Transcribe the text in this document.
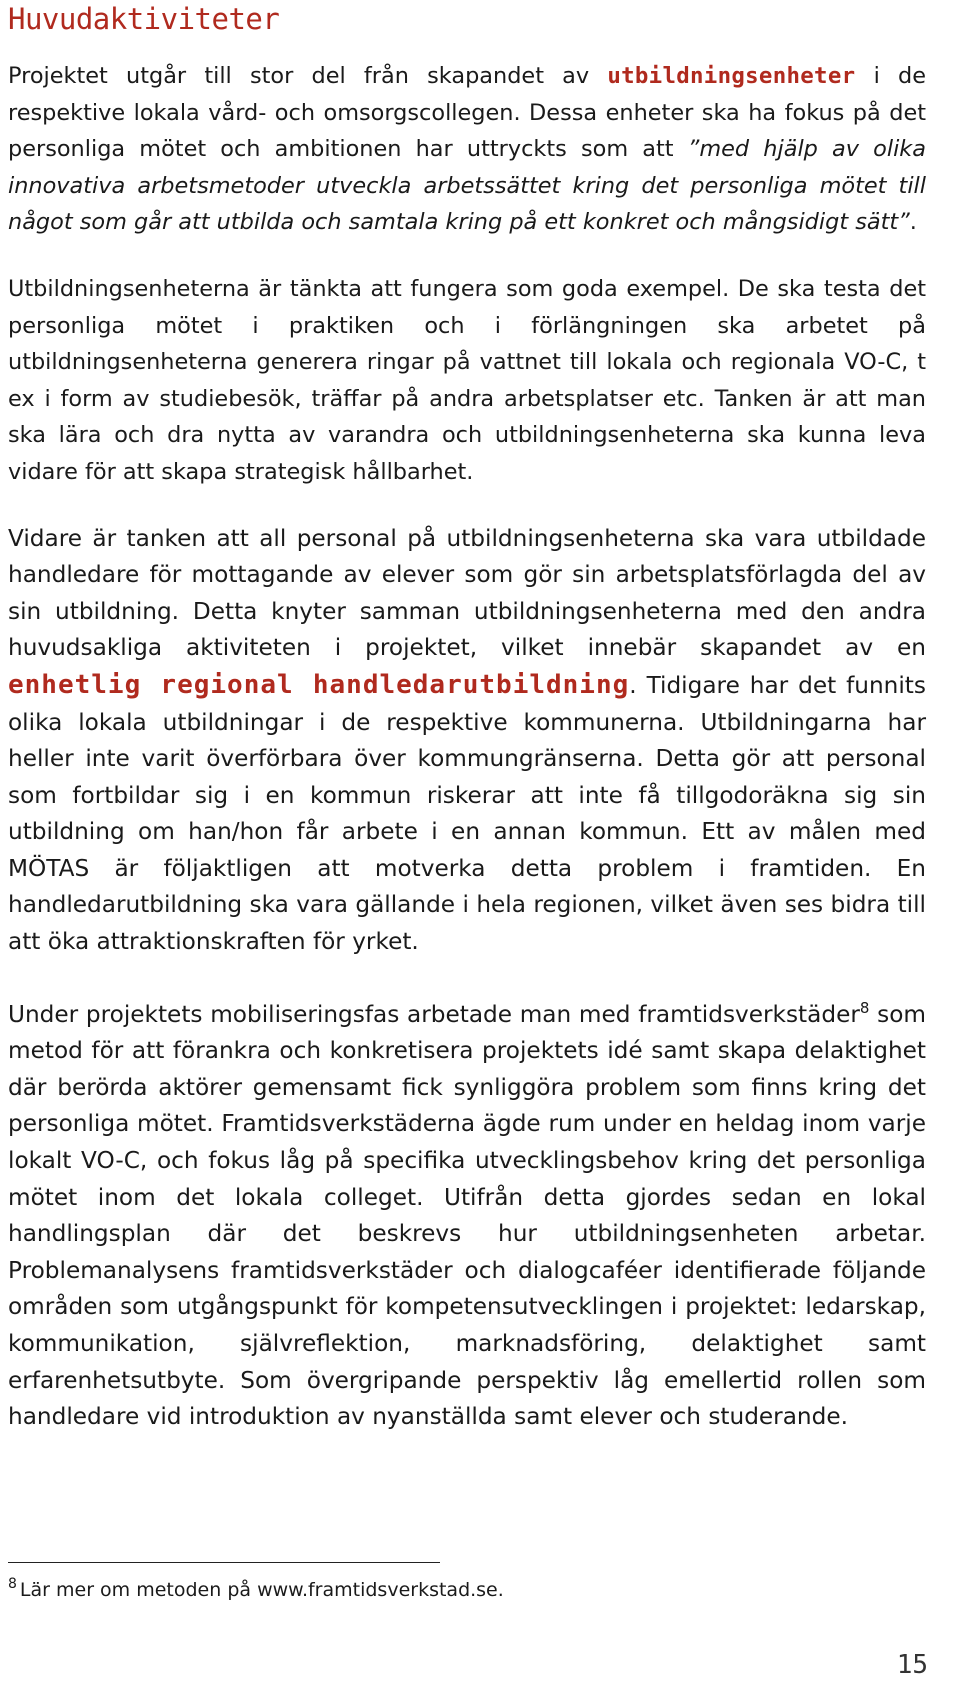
Huvudaktiviteter

Projektet utgår till stor del från skapandet av utbildningsenheter i de respektive lokala vård- och omsorgscollegen. Dessa enheter ska ha fokus på det personliga mötet och ambitionen har uttryckts som att ”med hjälp av olika innovativa arbetsmetoder utveckla arbetssättet kring det personliga mötet till något som går att utbilda och samtala kring på ett konkret och mångsidigt sätt”.

Utbildningsenheterna är tänkta att fungera som goda exempel. De ska testa det personliga mötet i praktiken och i förlängningen ska arbetet på utbildningsenheterna generera ringar på vattnet till lokala och regionala VO-C, t ex i form av studiebesök, träffar på andra arbetsplatser etc. Tanken är att man ska lära och dra nytta av varandra och utbildningsenheterna ska kunna leva vidare för att skapa strategisk hållbarhet.

Vidare är tanken att all personal på utbildningsenheterna ska vara utbildade handledare för mottagande av elever som gör sin arbetsplatsförlagda del av sin utbildning. Detta knyter samman utbildningsenheterna med den andra huvudsakliga aktiviteten i projektet, vilket innebär skapandet av en enhetlig regional handledarutbildning. Tidigare har det funnits olika lokala utbildningar i de respektive kommunerna. Utbildningarna har heller inte varit överförbara över kommungränserna. Detta gör att personal som fortbildar sig i en kommun riskerar att inte få tillgodoräkna sig sin utbildning om han/hon får arbete i en annan kommun. Ett av målen med MÖTAS är följaktligen att motverka detta problem i framtiden. En handledarutbildning ska vara gällande i hela regionen, vilket även ses bidra till att öka attraktionskraften för yrket.

Under projektets mobiliseringsfas arbetade man med framtidsverkstäder$^8$ som metod för att förankra och konkretisera projektets idé samt skapa delaktighet där berörda aktörer gemensamt fick synliggöra problem som finns kring det personliga mötet. Framtidsverkstäderna ägde rum under en heldag inom varje lokalt VO-C, och fokus låg på specifika utvecklingsbehov kring det personliga mötet inom det lokala colleget. Utifrån detta gjordes sedan en lokal handlingsplan där det beskrevs hur utbildningsenheten arbetar. Problemanalysens framtidsverkstäder och dialogcaféer identifierade följande områden som utgångspunkt för kompetensutvecklingen i projektet: ledarskap, kommunikation, självreflektion, marknadsföring, delaktighet samt erfarenhetsutbyte. Som övergripande perspektiv låg emellertid rollen som handledare vid introduktion av nyanställda samt elever och studerande.

$^8$ Lär mer om metoden på www.framtidsverkstad.se.
15
